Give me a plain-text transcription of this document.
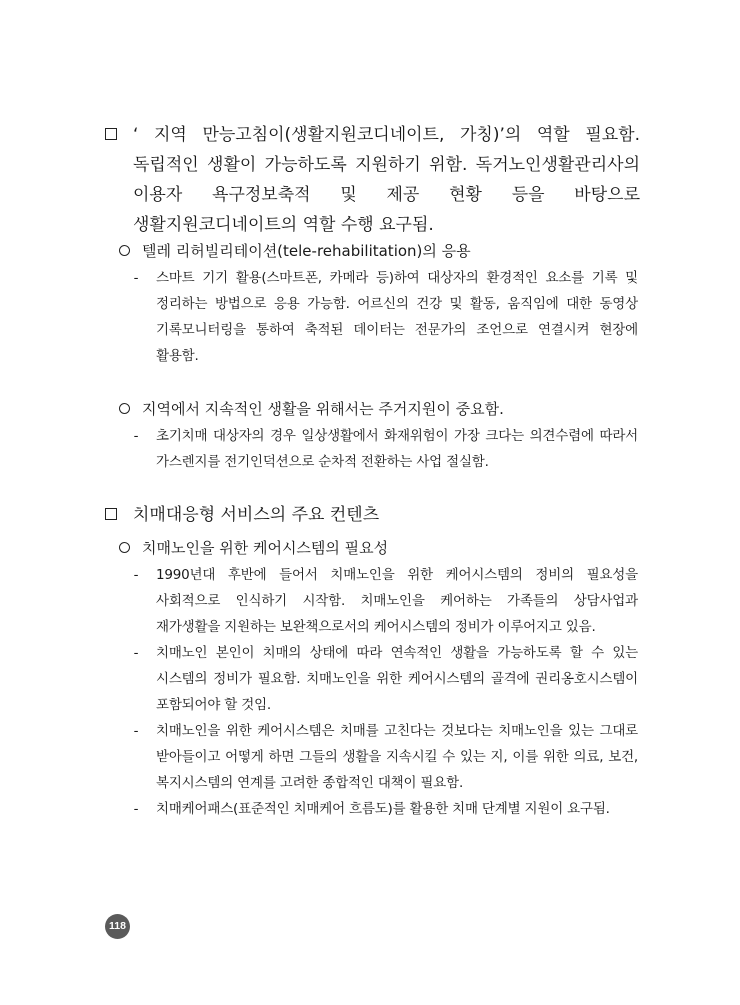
‘ 지역 만능고침이(생활지원코디네이트, 가칭)’의 역할 필요함. 독립적인 생활이 가능하도록 지원하기 위함. 독거노인생활관리사의 이용자 욕구정보축적 및 제공 현황 등을 바탕으로 생활지원코디네이트의 역할 수행 요구됨.
텔레 리허빌리테이션(tele-rehabilitation)의 응용
- 스마트 기기 활용(스마트폰, 카메라 등)하여 대상자의 환경적인 요소를 기록 및 정리하는 방법으로 응용 가능함. 어르신의 건강 및 활동, 움직임에 대한 동영상 기록모니터링을 통하여 축적된 데이터는 전문가의 조언으로 연결시켜 현장에 활용함.
지역에서 지속적인 생활을 위해서는 주거지원이 중요함.
- 초기치매 대상자의 경우 일상생활에서 화재위험이 가장 크다는 의견수렴에 따라서 가스렌지를 전기인덕션으로 순차적 전환하는 사업 절실함.
치매대응형 서비스의 주요 컨텐츠
치매노인을 위한 케어시스템의 필요성
- 1990년대 후반에 들어서 치매노인을 위한 케어시스템의 정비의 필요성을 사회적으로 인식하기 시작함. 치매노인을 케어하는 가족들의 상담사업과 재가생활을 지원하는 보완책으로서의 케어시스템의 정비가 이루어지고 있음.
- 치매노인 본인이 치매의 상태에 따라 연속적인 생활을 가능하도록 할 수 있는 시스템의 정비가 필요함. 치매노인을 위한 케어시스템의 골격에 권리옹호시스템이 포함되어야 할 것임.
- 치매노인을 위한 케어시스템은 치매를 고친다는 것보다는 치매노인을 있는 그대로 받아들이고 어떻게 하면 그들의 생활을 지속시킬 수 있는 지, 이를 위한 의료, 보건, 복지시스템의 연계를 고려한 종합적인 대책이 필요함.
- 치매케어패스(표준적인 치매케어 흐름도)를 활용한 치매 단계별 지원이 요구됨.
118
